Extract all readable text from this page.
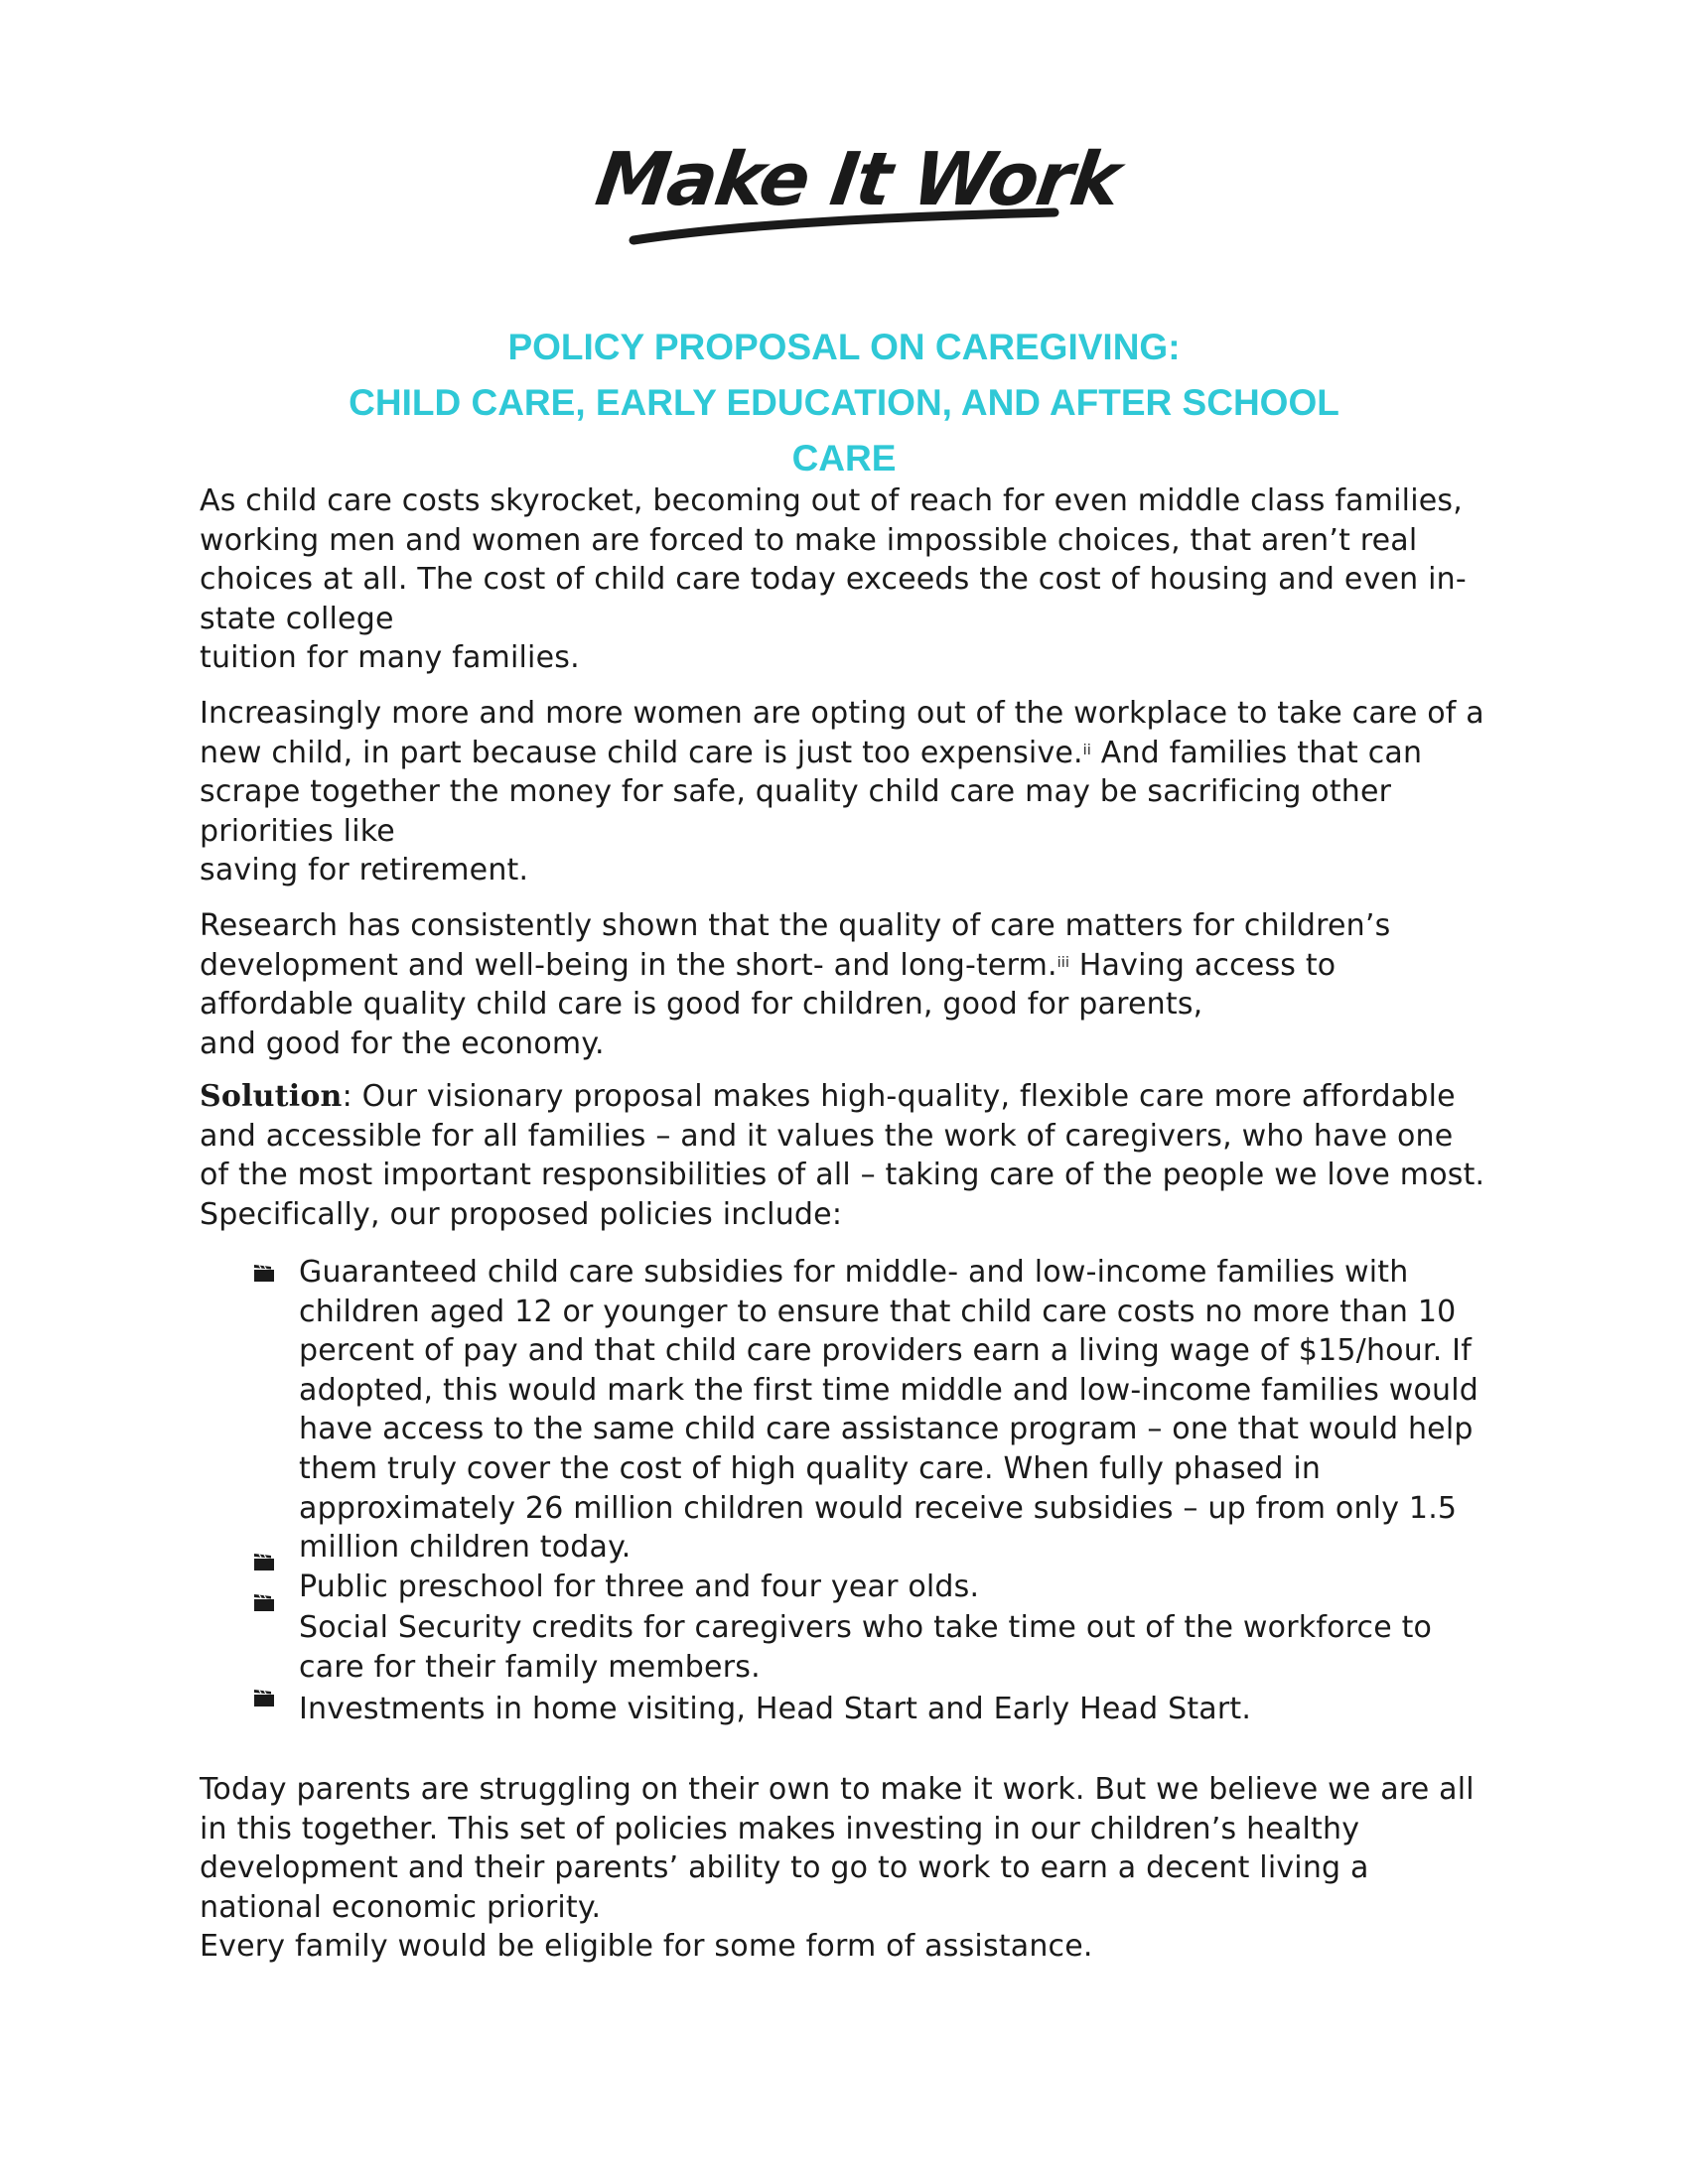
Make It Work
POLICY PROPOSAL ON CAREGIVING:
CHILD CARE, EARLY EDUCATION, AND AFTER SCHOOL
CARE

As child care costs skyrocket, becoming out of reach for even middle class families, working men and women are forced to make impossible choices, that aren’t real choices at all. The cost of child care today exceeds the cost of housing and even in-state college
tuition for many families.

Increasingly more and more women are opting out of the workplace to take care of a new child, in part because child care is just too expensive.$^{ii}$ And families that can scrape together the money for safe, quality child care may be sacrificing other priorities like
saving for retirement.

Research has consistently shown that the quality of care matters for children’s development and well-being in the short- and long-term.$^{iii}$ Having access to affordable quality child care is good for children, good for parents,
and good for the economy.

Solution: Our visionary proposal makes high-quality, flexible care more affordable and accessible for all families – and it values the work of caregivers, who have one of the most important responsibilities of all – taking care of the people we love most. Specifically, our proposed policies include:

Guaranteed child care subsidies for middle- and low-income families with children aged 12 or younger to ensure that child care costs no more than 10 percent of pay and that child care providers earn a living wage of $15/hour. If adopted, this would mark the first time middle and low-income families would have access to the same child care assistance program – one that would help them truly cover the cost of high quality care. When fully phased in approximately 26 million children would receive subsidies – up from only 1.5 million children today.
Public preschool for three and four year olds.
Social Security credits for caregivers who take time out of the workforce to care for their family members.
Investments in home visiting, Head Start and Early Head Start.

Today parents are struggling on their own to make it work. But we believe we are all in this together. This set of policies makes investing in our children’s healthy development and their parents’ ability to go to work to earn a decent living a national economic priority.
Every family would be eligible for some form of assistance.
